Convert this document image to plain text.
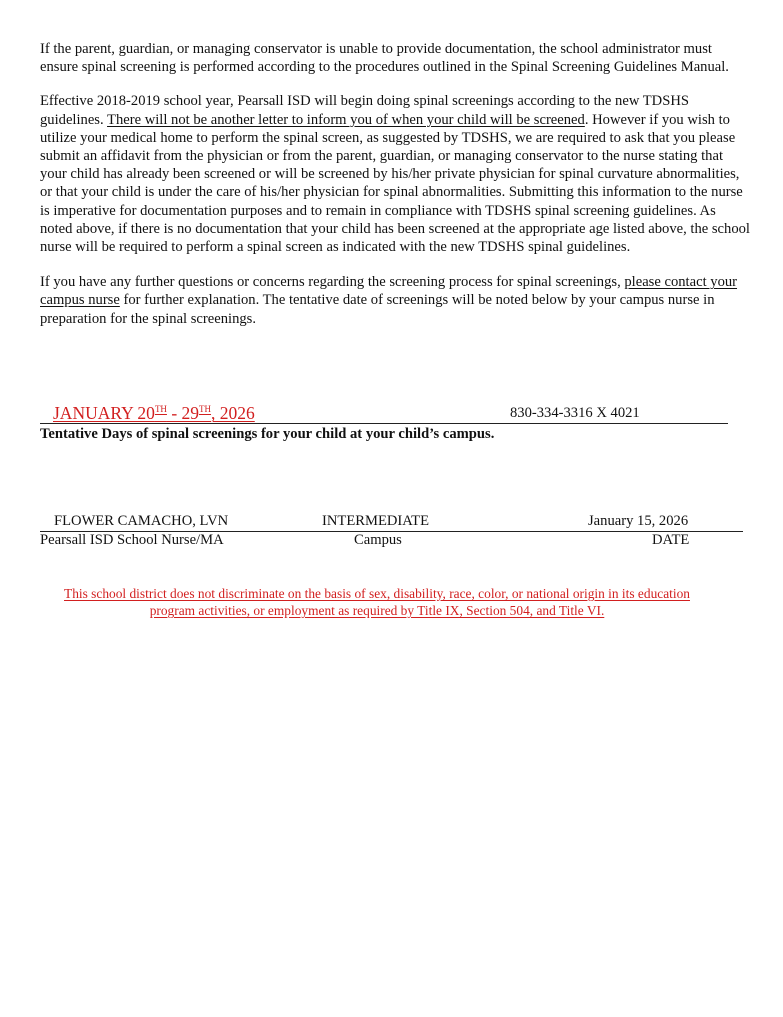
If the parent, guardian, or managing conservator is unable to provide documentation, the school administrator must ensure spinal screening is performed according to the procedures outlined in the Spinal Screening Guidelines Manual.

Effective 2018-2019 school year, Pearsall ISD will begin doing spinal screenings according to the new TDSHS guidelines. There will not be another letter to inform you of when your child will be screened. However if you wish to utilize your medical home to perform the spinal screen, as suggested by TDSHS, we are required to ask that you please submit an affidavit from the physician or from the parent, guardian, or managing conservator to the nurse stating that your child has already been screened or will be screened by his/her private physician for spinal curvature abnormalities, or that your child is under the care of his/her physician for spinal abnormalities. Submitting this information to the nurse is imperative for documentation purposes and to remain in compliance with TDSHS spinal screening guidelines. As noted above, if there is no documentation that your child has been screened at the appropriate age listed above, the school nurse will be required to perform a spinal screen as indicated with the new TDSHS spinal guidelines.

If you have any further questions or concerns regarding the screening process for spinal screenings, please contact your campus nurse for further explanation. The tentative date of screenings will be noted below by your campus nurse in preparation for the spinal screenings.

JANUARY 20TH - 29TH, 2026	830-334-3316 X 4021
Tentative Days of spinal screenings for your child at your child’s campus.
FLOWER CAMACHO, LVN	INTERMEDIATE	January 15, 2026
Pearsall ISD School Nurse/MA	Campus	DATE
This school district does not discriminate on the basis of sex, disability, race, color, or national origin in its education program activities, or employment as required by Title IX, Section 504, and Title VI.
